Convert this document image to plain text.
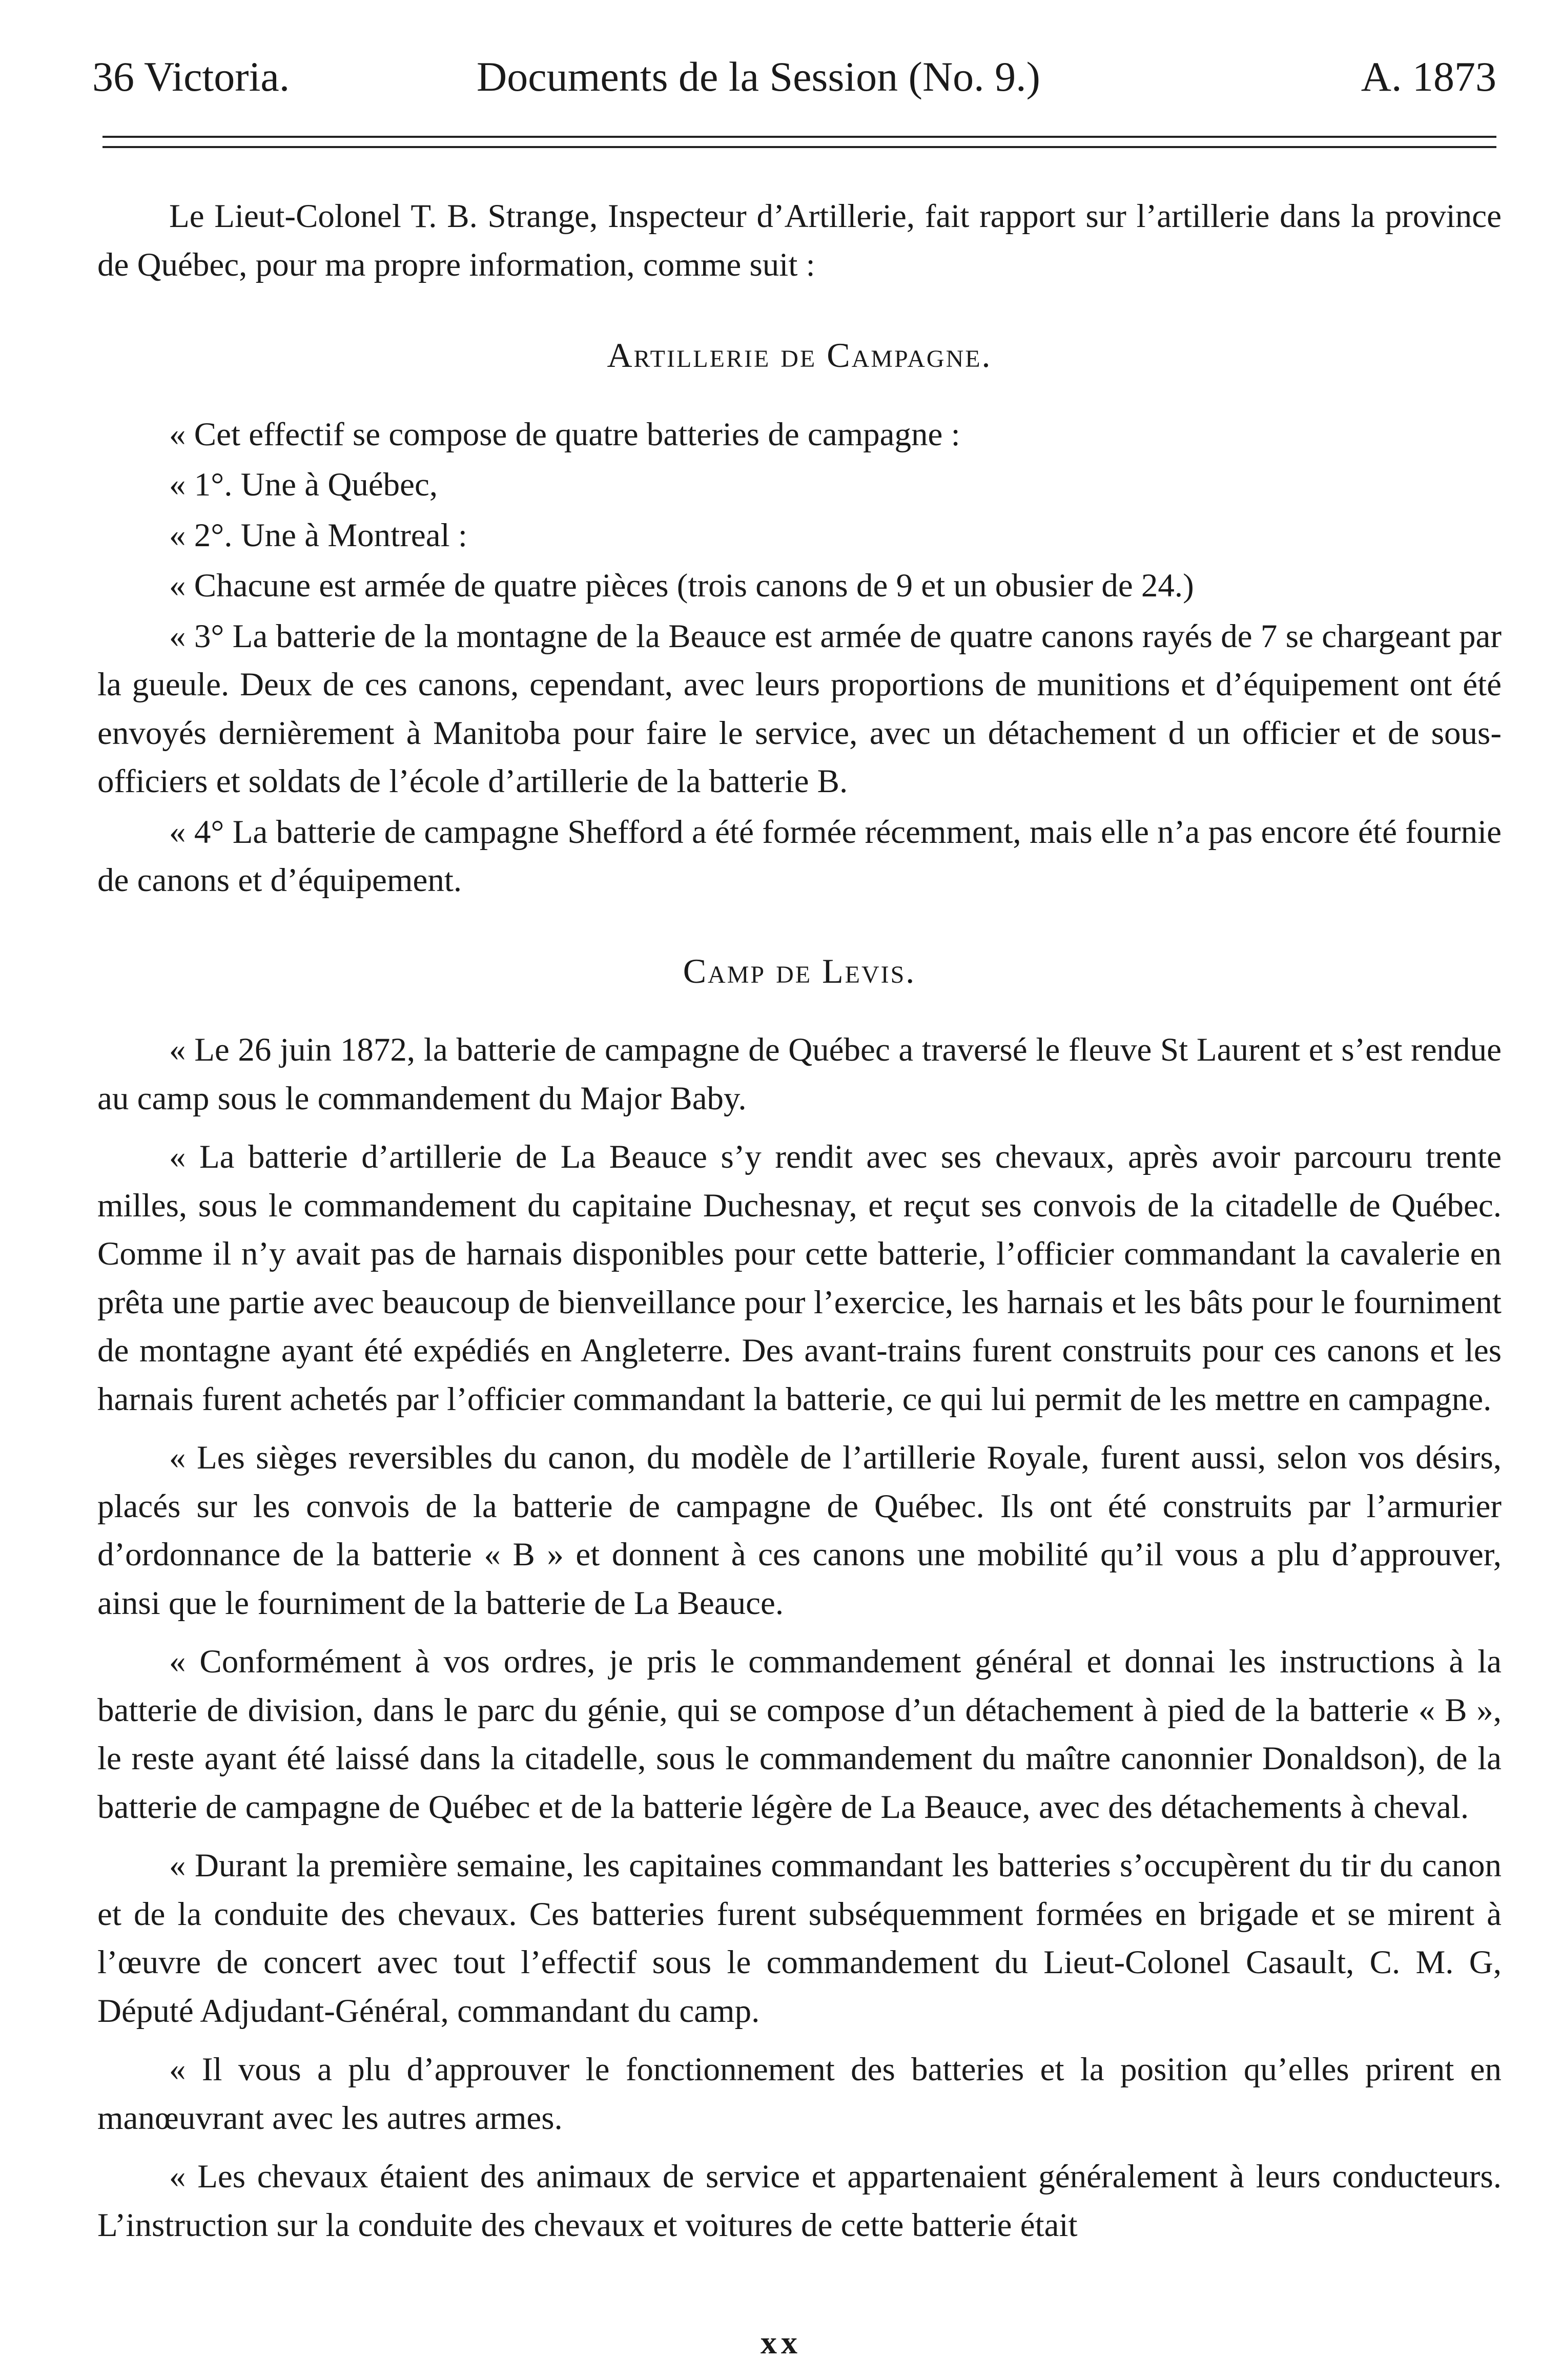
36 Victoria.	Documents de la Session (No. 9.)	A. 1873

Le Lieut-Colonel T. B. Strange, Inspecteur d’Artillerie, fait rapport sur l’artillerie dans la province de Québec, pour ma propre information, comme suit :

Artillerie de Campagne.

« Cet effectif se compose de quatre batteries de campagne :

« 1°. Une à Québec,

« 2°. Une à Montreal :

« Chacune est armée de quatre pièces (trois canons de 9 et un obusier de 24.)

« 3° La batterie de la montagne de la Beauce est armée de quatre canons rayés de 7 se chargeant par la gueule. Deux de ces canons, cependant, avec leurs proportions de munitions et d’équipement ont été envoyés dernièrement à Manitoba pour faire le service, avec un détachement d un officier et de sous-officiers et soldats de l’école d’artillerie de la batterie B.

« 4° La batterie de campagne Shefford a été formée récemment, mais elle n’a pas encore été fournie de canons et d’équipement.

Camp de Levis.

« Le 26 juin 1872, la batterie de campagne de Québec a traversé le fleuve St Laurent et s’est rendue au camp sous le commandement du Major Baby.

« La batterie d’artillerie de La Beauce s’y rendit avec ses chevaux, après avoir parcouru trente milles, sous le commandement du capitaine Duchesnay, et reçut ses convois de la citadelle de Québec. Comme il n’y avait pas de harnais disponibles pour cette batterie, l’officier commandant la cavalerie en prêta une partie avec beaucoup de bienveillance pour l’exercice, les harnais et les bâts pour le fourniment de montagne ayant été expédiés en Angleterre. Des avant-trains furent construits pour ces canons et les harnais furent achetés par l’officier commandant la batterie, ce qui lui permit de les mettre en campagne.

« Les sièges reversibles du canon, du modèle de l’artillerie Royale, furent aussi, selon vos désirs, placés sur les convois de la batterie de campagne de Québec. Ils ont été construits par l’armurier d’ordonnance de la batterie « B » et donnent à ces canons une mobilité qu’il vous a plu d’approuver, ainsi que le fourniment de la batterie de La Beauce.

« Conformément à vos ordres, je pris le commandement général et donnai les instructions à la batterie de division, dans le parc du génie, qui se compose d’un détachement à pied de la batterie « B », le reste ayant été laissé dans la citadelle, sous le commandement du maître canonnier Donaldson), de la batterie de campagne de Québec et de la batterie légère de La Beauce, avec des détachements à cheval.

« Durant la première semaine, les capitaines commandant les batteries s’occupèrent du tir du canon et de la conduite des chevaux. Ces batteries furent subséquemment formées en brigade et se mirent à l’œuvre de concert avec tout l’effectif sous le commandement du Lieut-Colonel Casault, C. M. G, Député Adjudant-Général, commandant du camp.

« Il vous a plu d’approuver le fonctionnement des batteries et la position qu’elles prirent en manœuvrant avec les autres armes.

« Les chevaux étaient des animaux de service et appartenaient généralement à leurs conducteurs. L’instruction sur la conduite des chevaux et voitures de cette batterie était

xx
